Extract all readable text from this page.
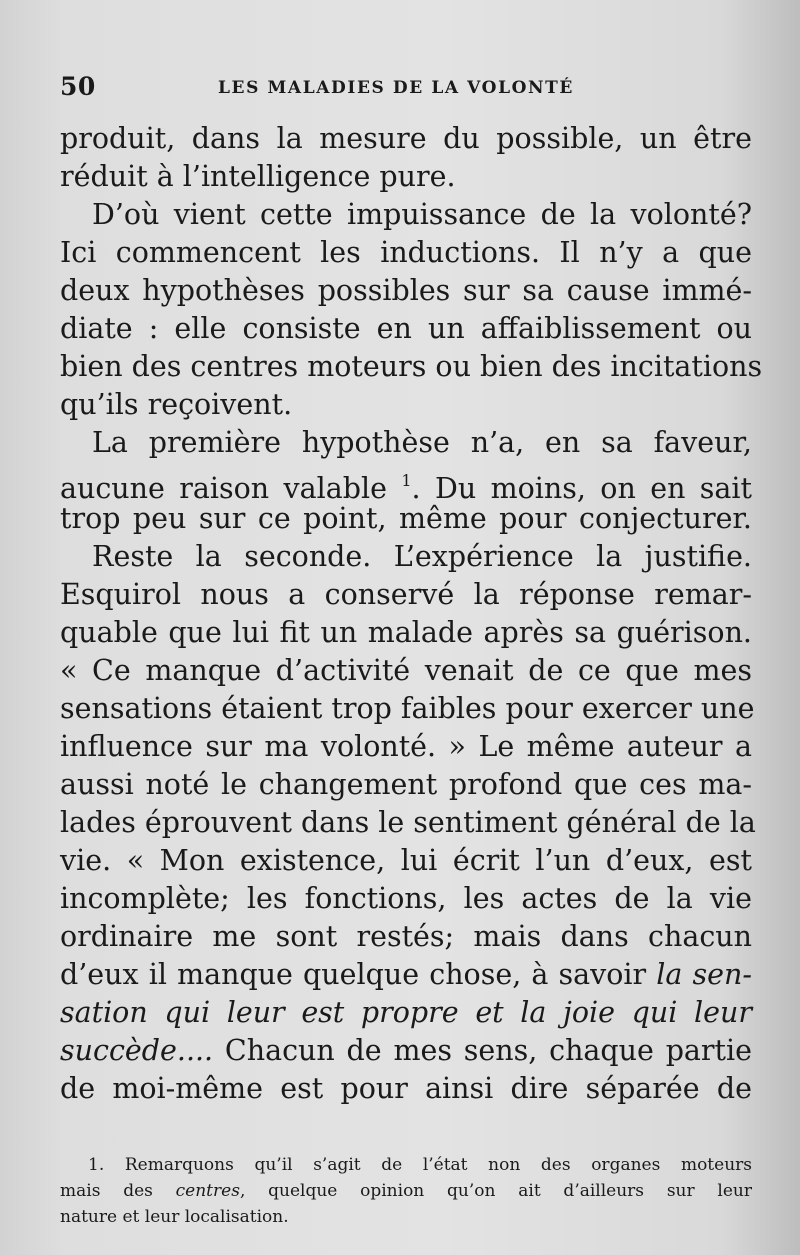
50	LES MALADIES DE LA VOLONTÉ
produit, dans la mesure du possible, un être
réduit à l’intelligence pure.
D’où vient cette impuissance de la volonté?
Ici commencent les inductions. Il n’y a que
deux hypothèses possibles sur sa cause immé-
diate : elle consiste en un affaiblissement ou
bien des centres moteurs ou bien des incitations
qu’ils reçoivent.
La première hypothèse n’a, en sa faveur,
aucune raison valable $^1$. Du moins, on en sait
trop peu sur ce point, même pour conjecturer.
Reste la seconde. L’expérience la justifie.
Esquirol nous a conservé la réponse remar-
quable que lui fit un malade après sa guérison.
« Ce manque d’activité venait de ce que mes
sensations étaient trop faibles pour exercer une
influence sur ma volonté. » Le même auteur a
aussi noté le changement profond que ces ma-
lades éprouvent dans le sentiment général de la
vie. « Mon existence, lui écrit l’un d’eux, est
incomplète; les fonctions, les actes de la vie
ordinaire me sont restés; mais dans chacun
d’eux il manque quelque chose, à savoir la sen-
sation qui leur est propre et la joie qui leur
succède.... Chacun de mes sens, chaque partie
de moi-même est pour ainsi dire séparée de
1. Remarquons qu’il s’agit de l’état non des organes moteurs
mais des centres, quelque opinion qu’on ait d’ailleurs sur leur
nature et leur localisation.
